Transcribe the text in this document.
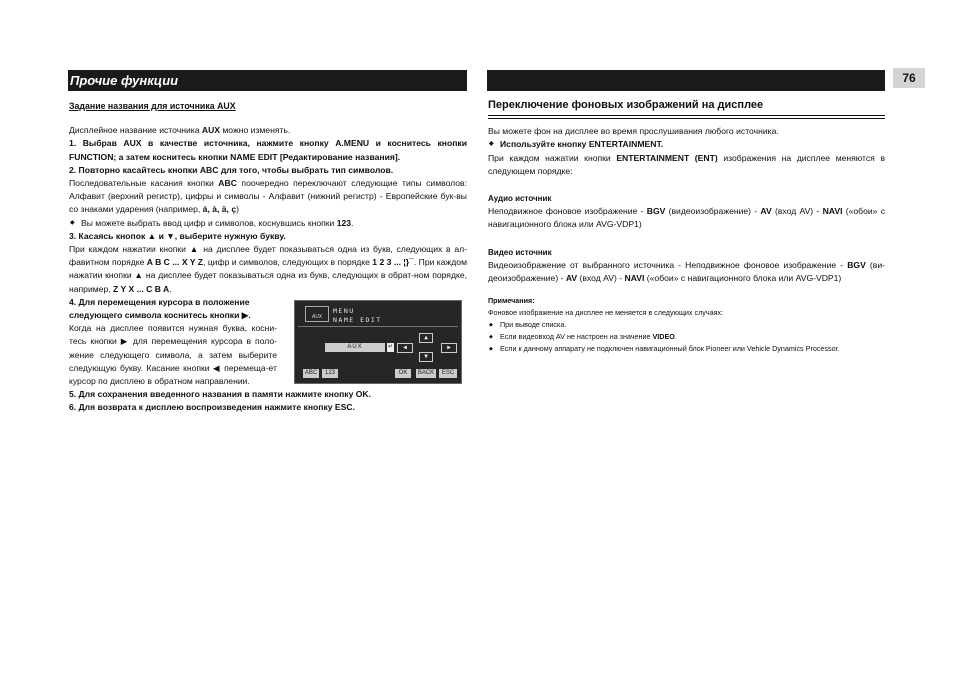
Прочие функции	76

Задание названия для источника AUX

Дисплейное название источника AUX можно изменять.

1. Выбрав AUX в качестве источника, нажмите кнопку A.MENU и коснитесь кнопки FUNCTION; а затем коснитесь кнопки NAME EDIT [Редактирование названия].

2. Повторно касайтесь кнопки ABC для того, чтобы выбрать тип символов.

Последовательные касания кнопки ABC поочередно переключают следующие типы символов: Алфавит (верхний регистр), цифры и символы - Алфавит (нижний регистр) - Европейские бук-вы со знаками ударения (например, á, à, ä, ç)

◆ Вы можете выбрать ввод цифр и символов, коснувшись кнопки 123.

3. Касаясь кнопок ▲ и ▼, выберите нужную букву.

При каждом нажатии кнопки ▲ на дисплее будет показываться одна из букв, следующих в ал-фавитном порядке A B C ... X Y Z, цифр и символов, следующих в порядке 1 2 3 ... ¦}¯. При каждом нажатии кнопки ▲ на дисплее будет показываться одна из букв, следующих в обрат-ном порядке, например, Z Y X ... C B A.

4. Для перемещения курсора в положение следующего символа коснитесь кнопки ▶.

Когда на дисплее появится нужная буква, косни-тесь кнопки ▶ для перемещения курсора в поло-жение следующего символа, а затем выберите следующую букву. Касание кнопки ◀ перемеща-ет курсор по дисплею в обратном направлении.

5. Для сохранения введенного названия в памяти нажмите кнопку OK.

6. Для возврата к дисплею воспроизведения нажмите кнопку ESC.

AUX
MENU
NAME EDIT
AUX	↵
▲
◀	▶
▼
ABC	123	OK	BACK	ESC

Переключение фоновых изображений на дисплее

Вы можете фон на дисплее во время прослушивания любого источника.

◆ Используйте кнопку ENTERTAINMENT.

При каждом нажатии кнопки ENTERTAINMENT (ENT) изображения на дисплее меняются в следующем порядке:

Аудио источник

Неподвижное фоновое изображение - BGV (видеоизображение) - AV (вход AV) - NAVI («обои» с навигационного блока или AVG-VDP1)

Видео источник

Видеоизображение от выбранного источника - Неподвижное фоновое изображение - BGV (ви-деоизображение) - AV (вход AV) - NAVI («обои» с навигационного блока или AVG-VDP1)

Примечания:

Фоновое изображение на дисплее не меняется в следующих случаях:

◆ При выводе списка.

◆ Если видеовход AV не настроен на значение VIDEO.

◆ Если к данному аппарату не подключен навигационный блок Pioneer или Vehicle Dynamics Processor.
